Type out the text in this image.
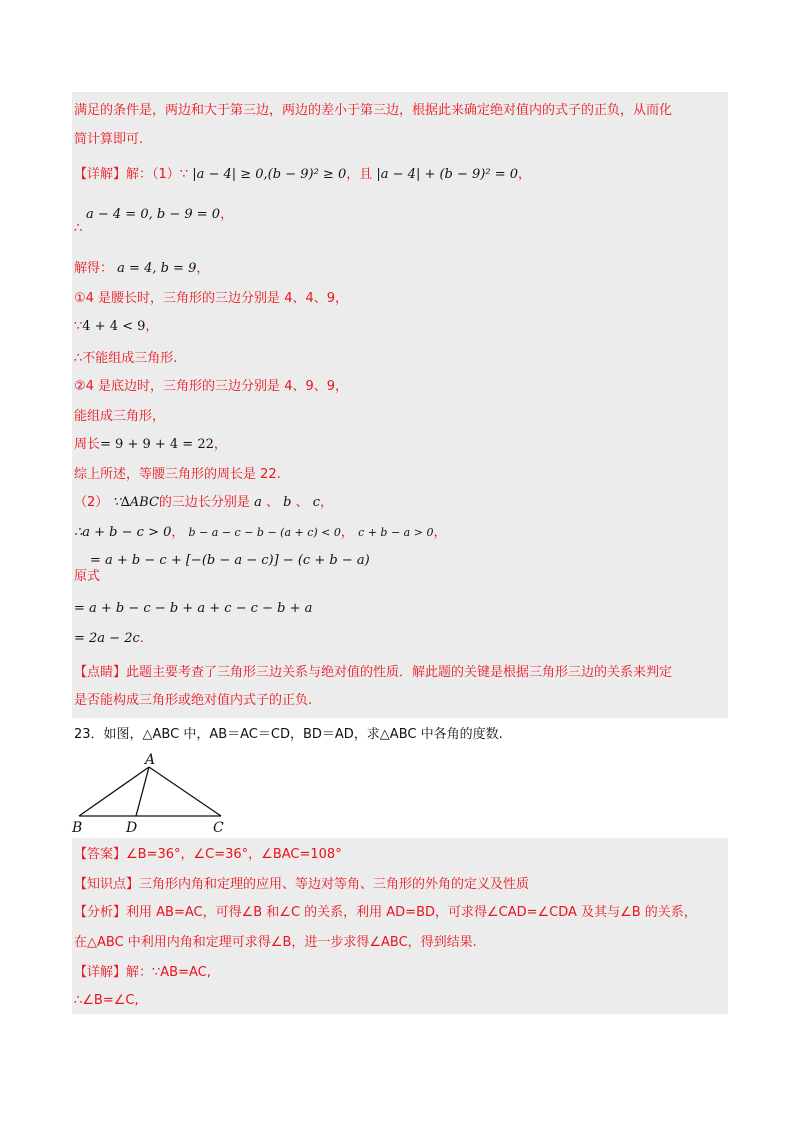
满足的条件是，两边和大于第三边，两边的差小于第三边，根据此来确定绝对值内的式子的正负，从而化
简计算即可.
【详解】解：（1）∵ |a − 4| ≥ 0,(b − 9)² ≥ 0，且 |a − 4| + (b − 9)² = 0，
a − 4 = 0, b − 9 = 0，
∴
解得： a = 4, b = 9，
①4 是腰长时，三角形的三边分别是 4、4、9，
∵4 + 4 < 9，
∴不能组成三角形.
②4 是底边时，三角形的三边分别是 4、9、9，
能组成三角形，
周长= 9 + 9 + 4 = 22，
综上所述，等腰三角形的周长是 22.
（2） ∵∆ABC的三边长分别是 a 、 b 、 c，
∴a + b − c > 0， b − a − c − b − (a + c) < 0， c + b − a > 0，
= a + b − c + [−(b − a − c)] − (c + b − a)
原式
= a + b − c − b + a + c − c − b + a
= 2a − 2c.
【点睛】此题主要考查了三角形三边关系与绝对值的性质．解此题的关键是根据三角形三边的关系来判定
是否能构成三角形或绝对值内式子的正负.
23．如图，△ABC 中，AB＝AC＝CD，BD＝AD，求△ABC 中各角的度数.
A
B	D	C
【答案】∠B=36°，∠C=36°，∠BAC=108°
【知识点】三角形内角和定理的应用、等边对等角、三角形的外角的定义及性质
【分析】利用 AB=AC，可得∠B 和∠C 的关系，利用 AD=BD，可求得∠CAD=∠CDA 及其与∠B 的关系，
在△ABC 中利用内角和定理可求得∠B，进一步求得∠ABC，得到结果.
【详解】解：∵AB=AC,
∴∠B=∠C,
